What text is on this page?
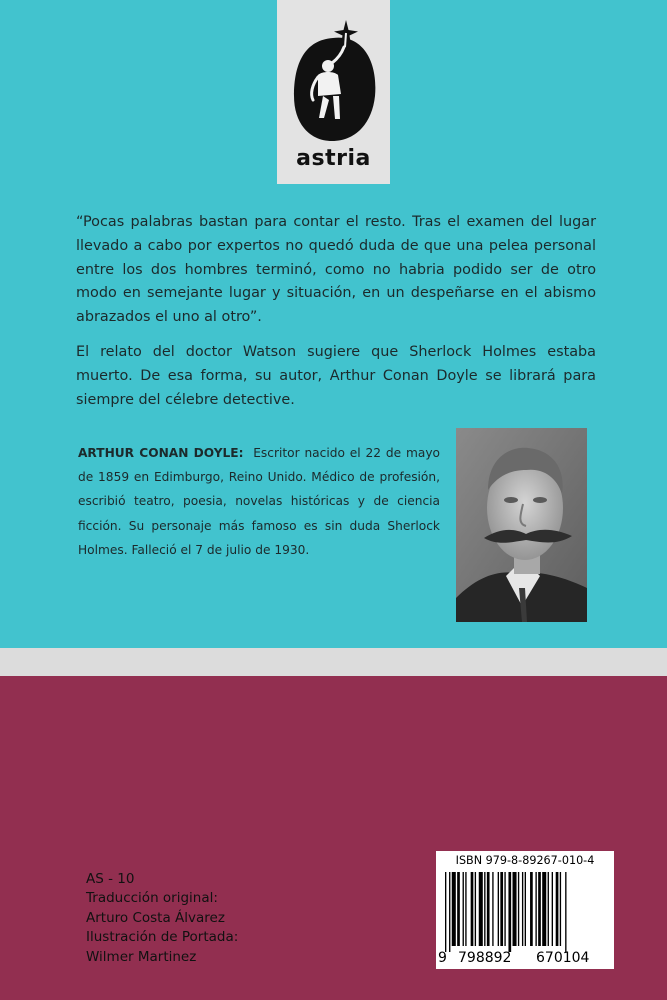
astria

“Pocas palabras bastan para contar el resto. Tras el examen del lugar llevado a cabo por expertos no quedó duda de que una pelea personal entre los dos hombres terminó, como no habria podido ser de otro modo en semejante lugar y situación, en un despeñarse en el abismo abrazados el uno al otro”.

El relato del doctor Watson sugiere que Sherlock Holmes estaba muerto. De esa forma, su autor, Arthur Conan Doyle se librará para siempre del célebre detective.

ARTHUR CONAN DOYLE: Escritor nacido el 22 de mayo de 1859 en Edimburgo, Reino Unido. Médico de profesión, escribió teatro, poesia, novelas históricas y de ciencia ficción. Su personaje más famoso es sin duda Sherlock Holmes. Falleció el 7 de julio de 1930.

AS - 10
Traducción original:
Arturo Costa Álvarez
Ilustración de Portada:
Wilmer Martinez
ISBN 979-8-89267-010-4
9 798892 670104
